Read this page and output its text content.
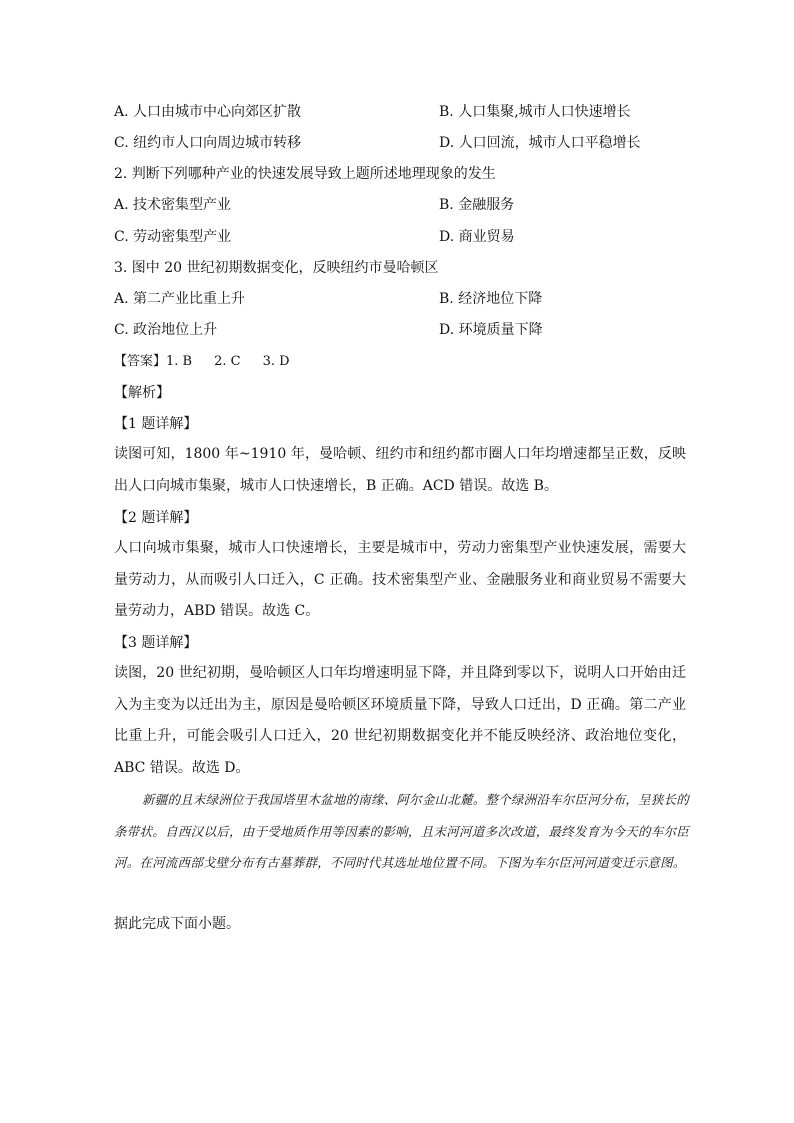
A. 人口由城市中心向郊区扩散	B. 人口集聚,城市人口快速增长
C. 纽约市人口向周边城市转移	D. 人口回流，城市人口平稳增长
2. 判断下列哪种产业的快速发展导致上题所述地理现象的发生
A. 技术密集型产业	B. 金融服务
C. 劳动密集型产业	D. 商业贸易
3. 图中 20 世纪初期数据变化，反映纽约市曼哈顿区
A. 第二产业比重上升	B. 经济地位下降
C. 政治地位上升	D. 环境质量下降
【答案】1. B 2. C 3. D
【解析】
【1 题详解】
读图可知，1800 年~1910 年，曼哈顿、纽约市和纽约都市圈人口年均增速都呈正数，反映出人口向城市集聚，城市人口快速增长，B 正确。ACD 错误。故选 B。
【2 题详解】
人口向城市集聚，城市人口快速增长，主要是城市中，劳动力密集型产业快速发展，需要大量劳动力，从而吸引人口迁入，C 正确。技术密集型产业、金融服务业和商业贸易不需要大量劳动力，ABD 错误。故选 C。
【3 题详解】
读图，20 世纪初期，曼哈顿区人口年均增速明显下降，并且降到零以下，说明人口开始由迁入为主变为以迁出为主，原因是曼哈顿区环境质量下降，导致人口迁出，D 正确。第二产业比重上升，可能会吸引人口迁入，20 世纪初期数据变化并不能反映经济、政治地位变化，ABC 错误。故选 D。
新疆的且末绿洲位于我国塔里木盆地的南缘、阿尔金山北麓。整个绿洲沿车尔臣河分布，呈狭长的条带状。自西汉以后，由于受地质作用等因素的影响，且末河河道多次改道，最终发育为今天的车尔臣河。在河流西部戈壁分布有古墓葬群，不同时代其选址地位置不同。下图为车尔臣河河道变迁示意图。
据此完成下面小题。
